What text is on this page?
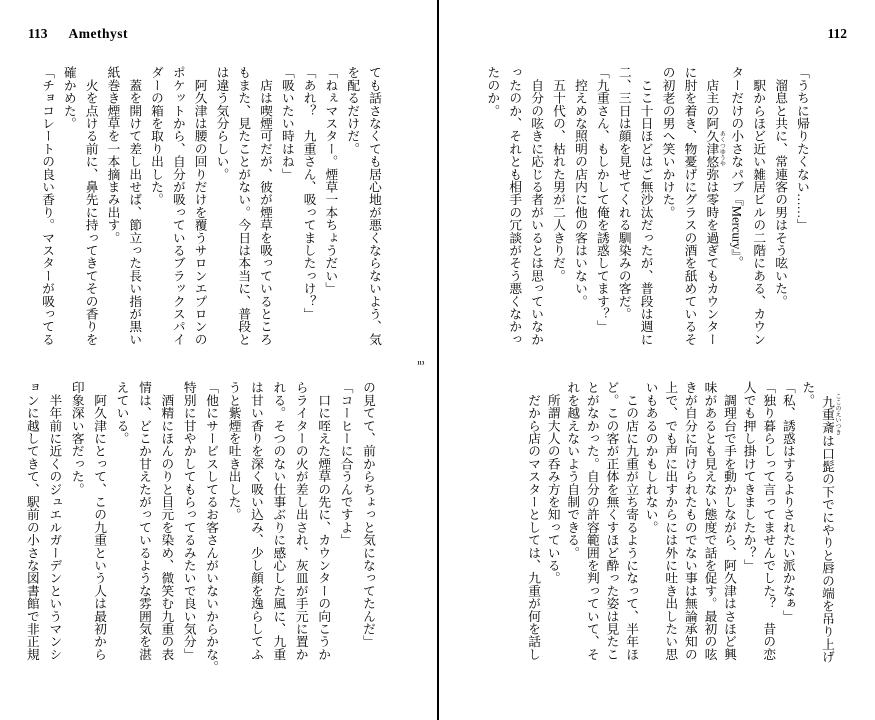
113 Amethyst
ても話さなくても居心地が悪くならないよう、気
を配るだけだ。
「ねぇマスター。煙草一本ちょうだい」
「あれ？　九重さん、吸ってましたっけ？」
「吸いたい時はね」
　店は喫煙可だが、彼が煙草を吸っているところ
もまた、見たことがない。今日は本当に、普段と
は違う気分らしい。
　阿久津は腰の回りだけを覆うサロンエプロンの
ポケットから、自分が吸っているブラックスパイ
ダーの箱を取り出した。
　蓋を開けて差し出せば、節立った長い指が黒い
紙巻き煙草を一本摘まみ出す。
　火を点ける前に、鼻先に持ってきてその香りを
確かめた。
「チョコレートの良い香り。マスターが吸ってる
の見てて、前からちょっと気になってたんだ」
「コーヒーに合うんですよ」
　口に咥えた煙草の先に、カウンターの向こうか
らライターの火が差し出され、灰皿が手元に置か
れる。そつのない仕事ぶりに感心した風に、九重
は甘い香りを深く吸い込み、少し顔を逸らしてふ
うと紫煙を吐き出した。
「他にサービスしてるお客さんがいないからかな。
特別に甘やかしてもらってるみたいで良い気分」
　酒精にほんのりと目元を染め、微笑む九重の表
情は、どこか甘えたがっているような雰囲気を湛
えている。
　阿久津にとって、この九重という人は最初から
印象深い客だった。
　半年前に近くのジュエルガーデンというマンシ
ョンに越してきて、駅前の小さな図書館で非正規
113
112
「うちに帰りたくない……」
　溜息と共に、常連客の男はそう呟いた。
　駅からほど近い雑居ビルの二階にある、カウン
ターだけの小さなパブ『Mercury』。
　店主の阿久津悠弥 あくつゆうやは零時を過ぎてもカウンター
に肘を着き、物憂げにグラスの酒を舐めているそ
の初老の男へ笑いかけた。
　ここ十日ほどはご無沙汰だったが、普段は週に
二、三日は顔を見せてくれる馴染みの客だ。
「九重さん、もしかして俺を誘惑してます？」
　控えめな照明の店内に他の客はいない。
　五十代の、枯れた男が二人きりだ。
　自分の呟きに応じる者がいるとは思っていなか
ったのか、それとも相手の冗談がそう悪くなかっ
たのか。
　九重斎 ここのえいつきは口髭の下でにやりと唇の端を吊り上げ
た。
「私、誘惑はするよりされたい派かなぁ」
「独り暮らしって言ってませんでした？　昔の恋
人でも押し掛けてきましたか？」
　調理台で手を動かしながら、阿久津はさほど興
味があるとも見えない態度で話を促す。最初の呟
きが自分に向けられたものでない事は無論承知の
上で、でも声に出すからには外に吐き出したい思
いもあるのかもしれない。
　この店に九重が立ち寄るようになって、半年ほ
ど。この客が正体を無くすほど酔った姿は見たこ
とがなかった。自分の許容範囲を判っていて、そ
れを越えないよう自制できる。
　所謂大人の呑み方を知っている。
　だから店のマスターとしては、九重が何を話し
